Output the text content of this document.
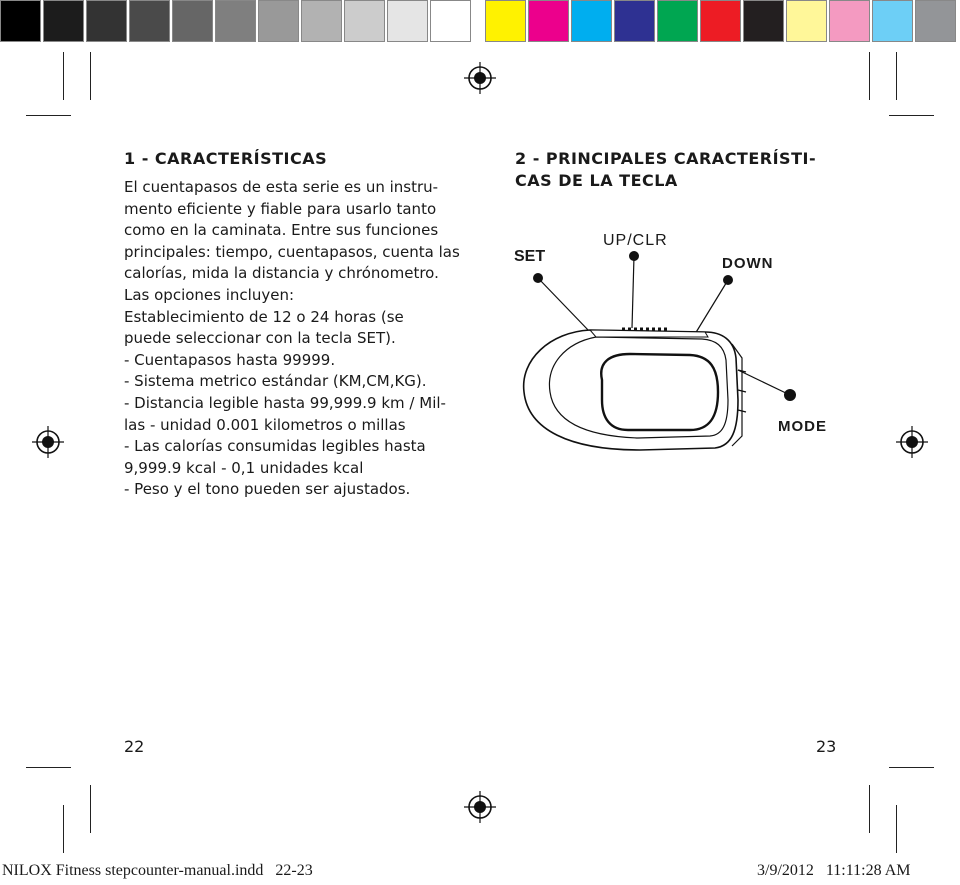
1 - CARACTERÍSTICAS
El cuentapasos de esta serie es un instru-
mento eficiente y fiable para usarlo tanto
como en la caminata. Entre sus funciones
principales: tiempo, cuentapasos, cuenta las
calorías, mida la distancia y chrónometro.
Las opciones incluyen:
Establecimiento de 12 o 24 horas (se
puede seleccionar con la tecla SET).
- Cuentapasos hasta 99999.
- Sistema metrico estándar (KM,CM,KG).
- Distancia legible hasta 99,999.9 km / Mil-
las - unidad 0.001 kilometros o millas
- Las calorías consumidas legibles hasta
9,999.9 kcal - 0,1 unidades kcal
- Peso y el tono pueden ser ajustados.
22
2 - PRINCIPALES CARACTERÍSTI-
CAS DE LA TECLA
SET
UP/CLR
DOWN
MODE
23
NILOX Fitness stepcounter-manual.indd   22-23	3/9/2012   11:11:28 AM
